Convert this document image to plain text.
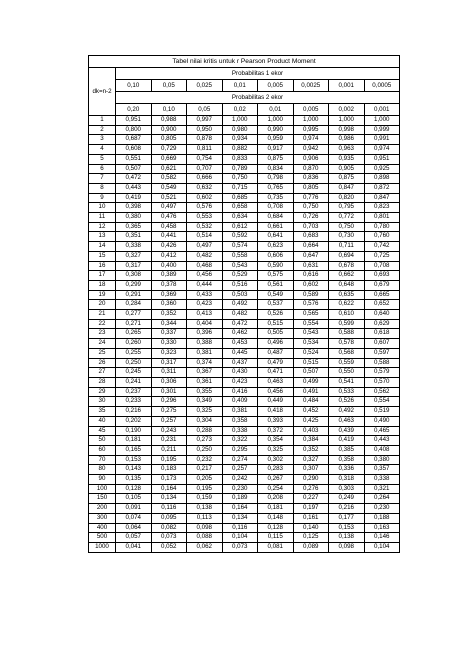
Tabel nilai kritis untuk r Pearson Product Moment								
dk=n-2	Probabilitas 1 ekor							
	0,10	0,05	0,025	0,01	0,005	0,0025	0,001	0,0005
	Probabilitas 2 ekor							
	0,20	0,10	0,05	0,02	0,01	0,005	0,002	0,001
1	0,951	0,988	0,997	1,000	1,000	1,000	1,000	1,000
2	0,800	0,900	0,950	0,980	0,990	0,995	0,998	0,999
3	0,687	0,805	0,878	0,934	0,959	0,974	0,986	0,991
4	0,608	0,729	0,811	0,882	0,917	0,942	0,963	0,974
5	0,551	0,669	0,754	0,833	0,875	0,906	0,935	0,951
6	0,507	0,621	0,707	0,789	0,834	0,870	0,905	0,925
7	0,472	0,582	0,666	0,750	0,798	0,836	0,875	0,898
8	0,443	0,549	0,632	0,715	0,765	0,805	0,847	0,872
9	0,419	0,521	0,602	0,685	0,735	0,776	0,820	0,847
10	0,398	0,497	0,576	0,658	0,708	0,750	0,795	0,823
11	0,380	0,476	0,553	0,634	0,684	0,726	0,772	0,801
12	0,365	0,458	0,532	0,612	0,661	0,703	0,750	0,780
13	0,351	0,441	0,514	0,592	0,641	0,683	0,730	0,760
14	0,338	0,426	0,497	0,574	0,623	0,664	0,711	0,742
15	0,327	0,412	0,482	0,558	0,606	0,647	0,694	0,725
16	0,317	0,400	0,468	0,543	0,590	0,631	0,678	0,708
17	0,308	0,389	0,456	0,529	0,575	0,616	0,662	0,693
18	0,299	0,378	0,444	0,516	0,561	0,602	0,648	0,679
19	0,291	0,369	0,433	0,503	0,549	0,589	0,635	0,665
20	0,284	0,360	0,423	0,492	0,537	0,576	0,622	0,652
21	0,277	0,352	0,413	0,482	0,526	0,565	0,610	0,640
22	0,271	0,344	0,404	0,472	0,515	0,554	0,599	0,629
23	0,265	0,337	0,396	0,462	0,505	0,543	0,588	0,618
24	0,260	0,330	0,388	0,453	0,496	0,534	0,578	0,607
25	0,255	0,323	0,381	0,445	0,487	0,524	0,568	0,597
26	0,250	0,317	0,374	0,437	0,479	0,515	0,559	0,588
27	0,245	0,311	0,367	0,430	0,471	0,507	0,550	0,579
28	0,241	0,306	0,361	0,423	0,463	0,499	0,541	0,570
29	0,237	0,301	0,355	0,416	0,456	0,491	0,533	0,562
30	0,233	0,296	0,349	0,409	0,449	0,484	0,526	0,554
35	0,216	0,275	0,325	0,381	0,418	0,452	0,492	0,519
40	0,202	0,257	0,304	0,358	0,393	0,425	0,463	0,490
45	0,190	0,243	0,288	0,338	0,372	0,403	0,439	0,465
50	0,181	0,231	0,273	0,322	0,354	0,384	0,419	0,443
60	0,165	0,211	0,250	0,295	0,325	0,352	0,385	0,408
70	0,153	0,195	0,232	0,274	0,302	0,327	0,358	0,380
80	0,143	0,183	0,217	0,257	0,283	0,307	0,336	0,357
90	0,135	0,173	0,205	0,242	0,267	0,290	0,318	0,338
100	0,128	0,164	0,195	0,230	0,254	0,276	0,303	0,321
150	0,105	0,134	0,159	0,189	0,208	0,227	0,249	0,264
200	0,091	0,116	0,138	0,164	0,181	0,197	0,216	0,230
300	0,074	0,095	0,113	0,134	0,148	0,161	0,177	0,188
400	0,064	0,082	0,098	0,116	0,128	0,140	0,153	0,163
500	0,057	0,073	0,088	0,104	0,115	0,125	0,138	0,146
1000	0,041	0,052	0,062	0,073	0,081	0,089	0,098	0,104
